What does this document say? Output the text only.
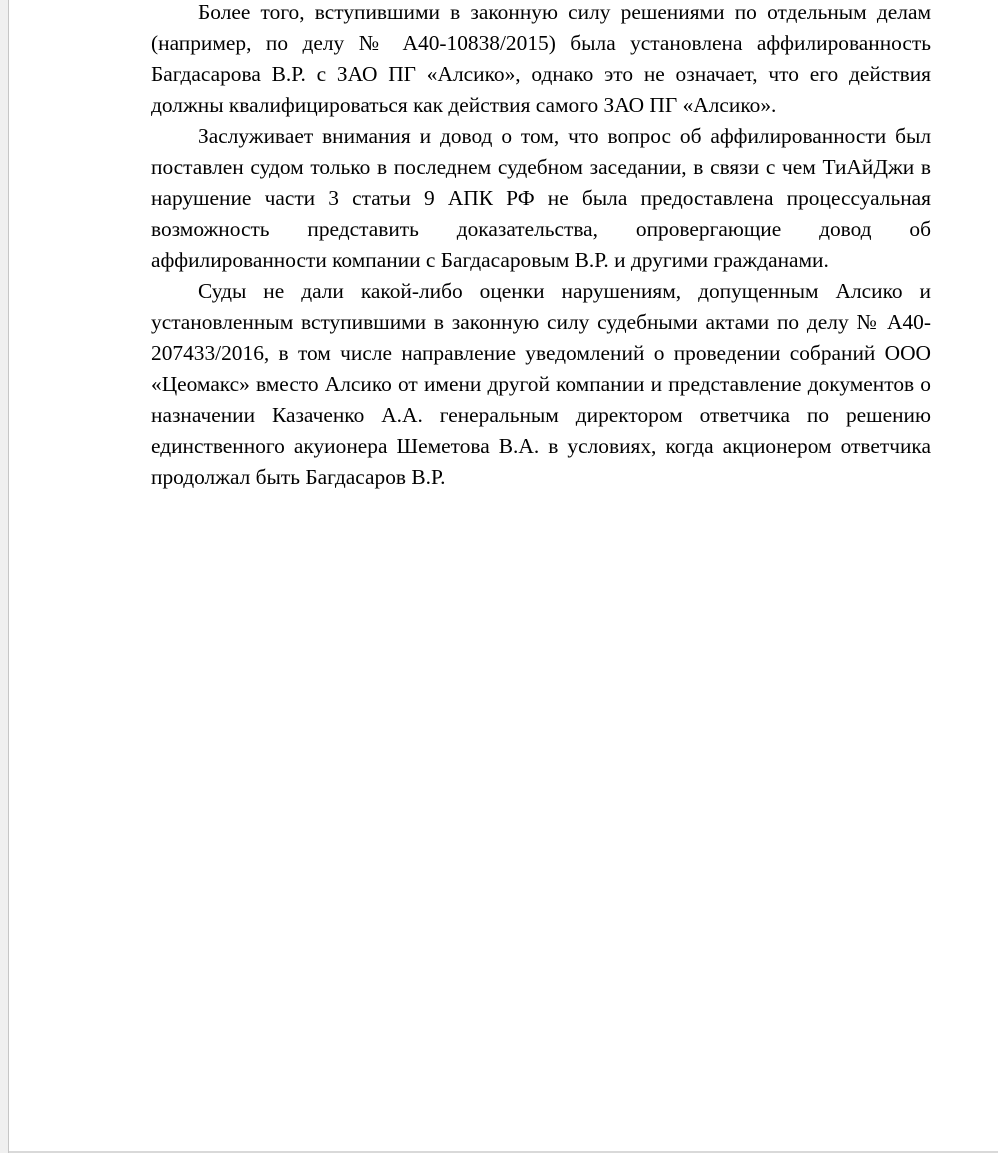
Более того, вступившими в законную силу решениями по отдельным делам (например, по делу № А40-10838/2015) была установлена аффилированность Багдасарова В.Р. с ЗАО ПГ «Алсико», однако это не означает, что его действия должны квалифицироваться как действия самого ЗАО ПГ «Алсико».

Заслуживает внимания и довод о том, что вопрос об аффилированности был поставлен судом только в последнем судебном заседании, в связи с чем ТиАйДжи в нарушение части 3 статьи 9 АПК РФ не была предоставлена процессуальная возможность представить доказательства, опровергающие довод об аффилированности компании с Багдасаровым В.Р. и другими гражданами.

Суды не дали какой-либо оценки нарушениям, допущенным Алсико и установленным вступившими в законную силу судебными актами по делу № А40-207433/2016, в том числе направление уведомлений о проведении собраний ООО «Цеомакс» вместо Алсико от имени другой компании и представление документов о назначении Казаченко А.А. генеральным директором ответчика по решению единственного акуионера Шеметова В.А. в условиях, когда акционером ответчика продолжал быть Багдасаров В.Р.
